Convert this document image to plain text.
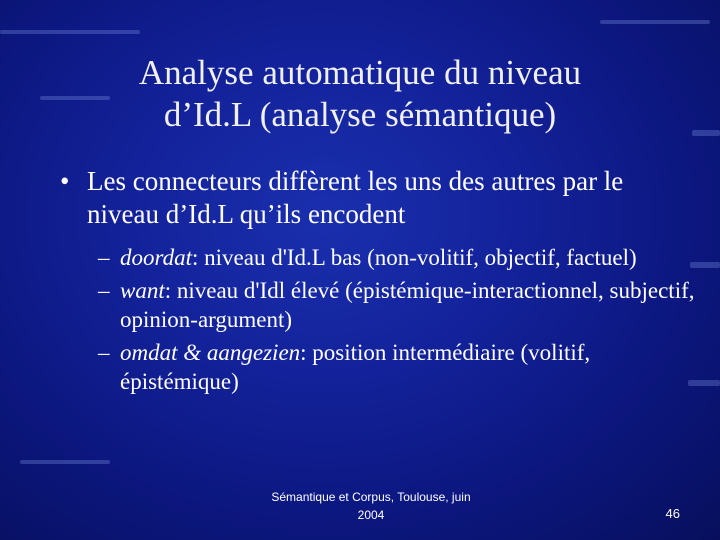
Analyse automatique du niveau
d’Id.L (analyse sémantique)
• Les connecteurs diffèrent les uns des autres par le niveau d’Id.L qu’ils encodent
– doordat: niveau d'Id.L bas (non-volitif, objectif, factuel)
– want: niveau d'Idl élevé (épistémique-interactionnel, subjectif, opinion-argument)
– omdat & aangezien: position intermédiaire (volitif, épistémique)
Sémantique et Corpus, Toulouse, juin
2004	46
